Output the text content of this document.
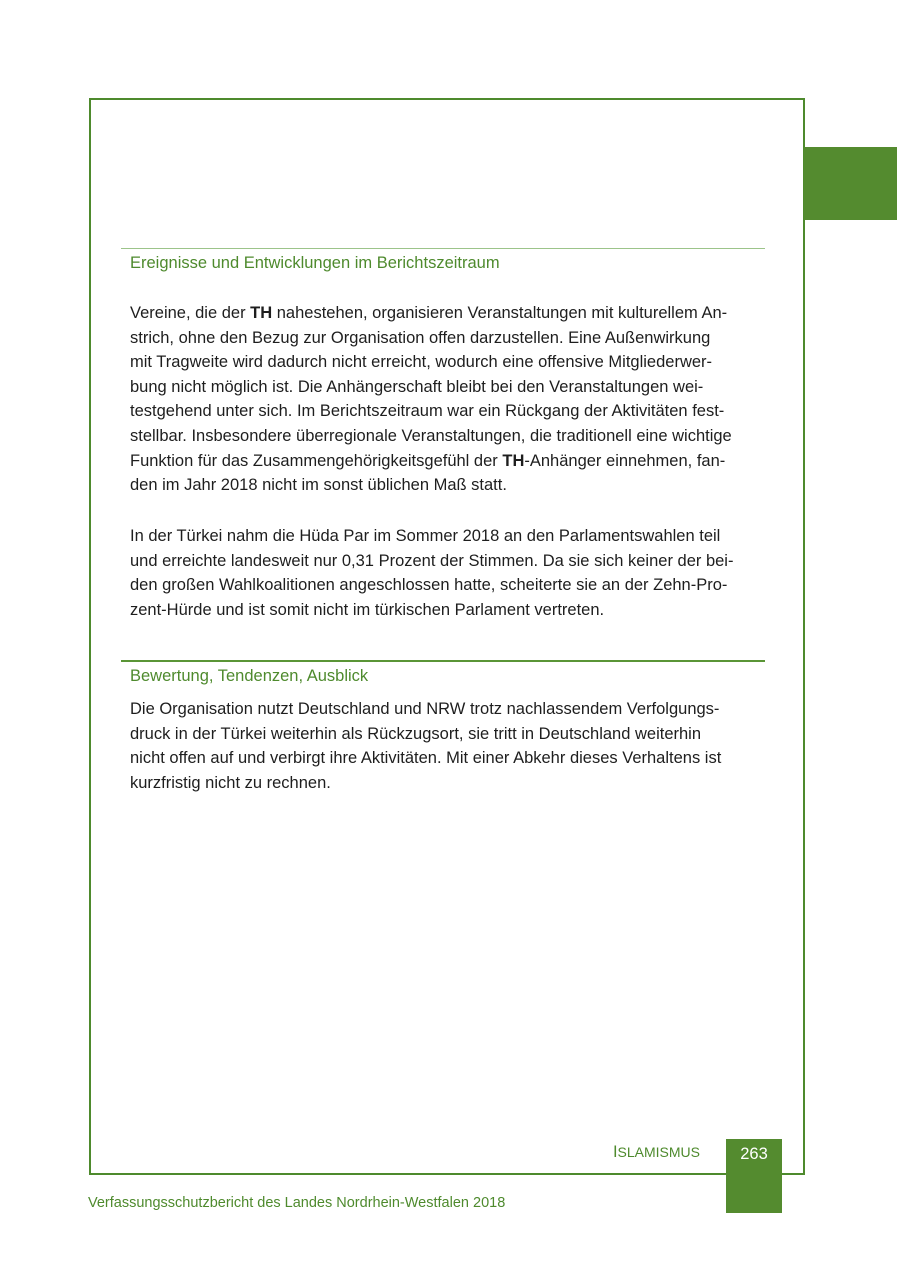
Ereignisse und Entwicklungen im Berichtszeitraum
Vereine, die der TH nahestehen, organisieren Veranstaltungen mit kulturellem An-
strich, ohne den Bezug zur Organisation offen darzustellen. Eine Außenwirkung
mit Tragweite wird dadurch nicht erreicht, wodurch eine offensive Mitgliederwer-
bung nicht möglich ist. Die Anhängerschaft bleibt bei den Veranstaltungen wei-
testgehend unter sich. Im Berichtszeitraum war ein Rückgang der Aktivitäten fest-
stellbar. Insbesondere überregionale Veranstaltungen, die traditionell eine wichtige
Funktion für das Zusammengehörigkeitsgefühl der TH-Anhänger einnehmen, fan-
den im Jahr 2018 nicht im sonst üblichen Maß statt.
In der Türkei nahm die Hüda Par im Sommer 2018 an den Parlamentswahlen teil
und erreichte landesweit nur 0,31 Prozent der Stimmen. Da sie sich keiner der bei-
den großen Wahlkoalitionen angeschlossen hatte, scheiterte sie an der Zehn-Pro-
zent-Hürde und ist somit nicht im türkischen Parlament vertreten.
Bewertung, Tendenzen, Ausblick
Die Organisation nutzt Deutschland und NRW trotz nachlassendem Verfolgungs-
druck in der Türkei weiterhin als Rückzugsort, sie tritt in Deutschland weiterhin
nicht offen auf und verbirgt ihre Aktivitäten. Mit einer Abkehr dieses Verhaltens ist
kurzfristig nicht zu rechnen.
ISLAMISMUS	263
Verfassungsschutzbericht des Landes Nordrhein-Westfalen 2018
